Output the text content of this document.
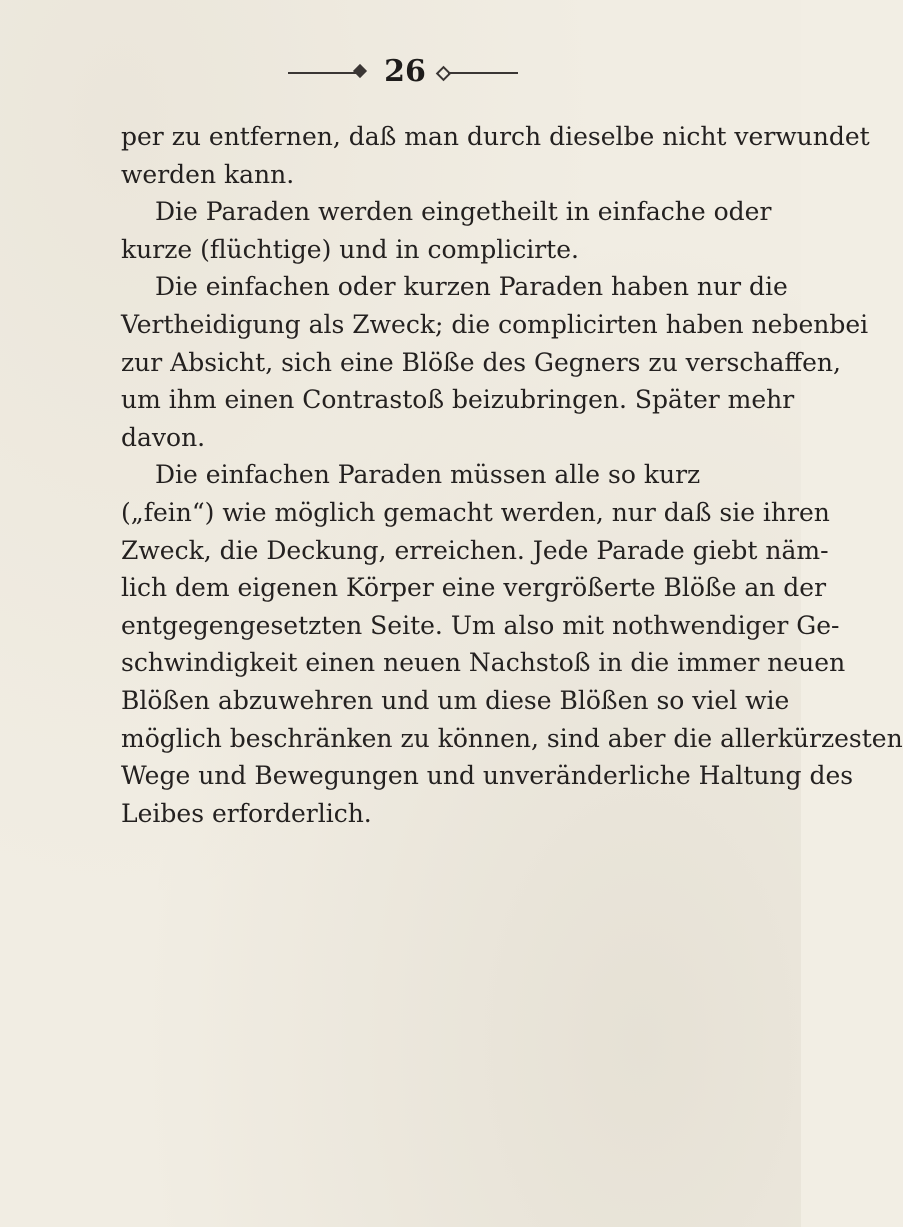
26
per zu entfernen, daß man durch dieselbe nicht verwundet
werden kann.
Die Paraden werden eingetheilt in einfache oder
kurze (flüchtige) und in complicirte.
Die einfachen oder kurzen Paraden haben nur die
Vertheidigung als Zweck; die complicirten haben nebenbei
zur Absicht, sich eine Blöße des Gegners zu verschaffen,
um ihm einen Contrastoß beizubringen. Später mehr
davon.
Die einfachen Paraden müssen alle so kurz
(„fein“) wie möglich gemacht werden, nur daß sie ihren
Zweck, die Deckung, erreichen. Jede Parade giebt näm-
lich dem eigenen Körper eine vergrößerte Blöße an der
entgegengesetzten Seite. Um also mit nothwendiger Ge-
schwindigkeit einen neuen Nachstoß in die immer neuen
Blößen abzuwehren und um diese Blößen so viel wie
möglich beschränken zu können, sind aber die allerkürzesten
Wege und Bewegungen und unveränderliche Haltung des
Leibes erforderlich.
